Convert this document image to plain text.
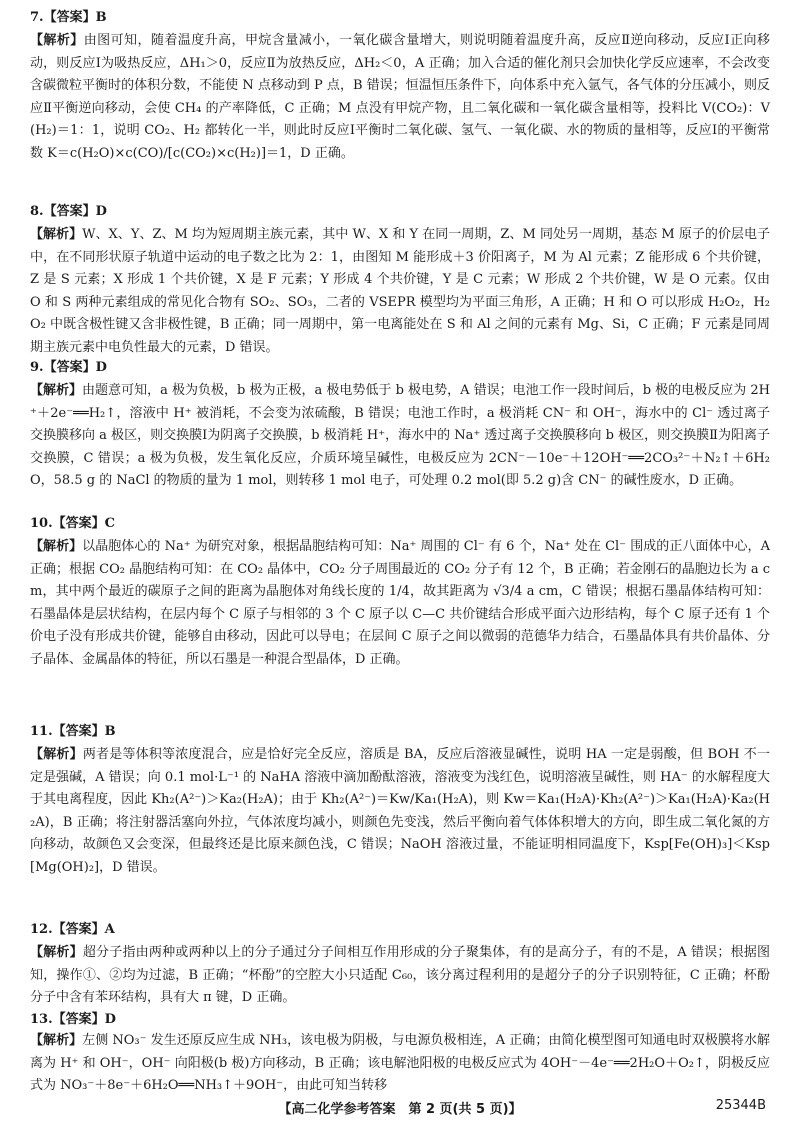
7.【答案】B
【解析】由图可知，随着温度升高，甲烷含量减小，一氧化碳含量增大，则说明随着温度升高，反应Ⅱ逆向移动，反应Ⅰ正向移动，则反应Ⅰ为吸热反应，ΔH₁＞0，反应Ⅱ为放热反应，ΔH₂＜0，A 正确；加入合适的催化剂只会加快化学反应速率，不会改变含碳微粒平衡时的体积分数，不能使 N 点移动到 P 点，B 错误；恒温恒压条件下，向体系中充入氩气，各气体的分压减小，则反应Ⅱ平衡逆向移动，会使 CH₄ 的产率降低，C 正确；M 点没有甲烷产物，且二氧化碳和一氧化碳含量相等，投料比 V(CO₂)：V(H₂)＝1：1，说明 CO₂、H₂ 都转化一半，则此时反应Ⅰ平衡时二氧化碳、氢气、一氧化碳、水的物质的量相等，反应Ⅰ的平衡常数 K＝c(H₂O)×c(CO)/[c(CO₂)×c(H₂)]＝1，D 正确。
8.【答案】D
【解析】W、X、Y、Z、M 均为短周期主族元素，其中 W、X 和 Y 在同一周期，Z、M 同处另一周期，基态 M 原子的价层电子中，在不同形状原子轨道中运动的电子数之比为 2：1，由图知 M 能形成＋3 价阳离子，M 为 Al 元素；Z 能形成 6 个共价键，Z 是 S 元素；X 形成 1 个共价键，X 是 F 元素；Y 形成 4 个共价键，Y 是 C 元素；W 形成 2 个共价键，W 是 O 元素。仅由 O 和 S 两种元素组成的常见化合物有 SO₂、SO₃，二者的 VSEPR 模型均为平面三角形，A 正确；H 和 O 可以形成 H₂O₂，H₂O₂ 中既含极性键又含非极性键，B 正确；同一周期中，第一电离能处在 S 和 Al 之间的元素有 Mg、Si，C 正确；F 元素是同周期主族元素中电负性最大的元素，D 错误。
9.【答案】D
【解析】由题意可知，a 极为负极，b 极为正极，a 极电势低于 b 极电势，A 错误；电池工作一段时间后，b 极的电极反应为 2H⁺＋2e⁻══H₂↑，溶液中 H⁺ 被消耗，不会变为浓硫酸，B 错误；电池工作时，a 极消耗 CN⁻ 和 OH⁻，海水中的 Cl⁻ 透过离子交换膜移向 a 极区，则交换膜Ⅰ为阴离子交换膜，b 极消耗 H⁺，海水中的 Na⁺ 透过离子交换膜移向 b 极区，则交换膜Ⅱ为阳离子交换膜，C 错误；a 极为负极，发生氧化反应，介质环境呈碱性，电极反应为 2CN⁻－10e⁻＋12OH⁻══2CO₃²⁻＋N₂↑＋6H₂O，58.5 g 的 NaCl 的物质的量为 1 mol，则转移 1 mol 电子，可处理 0.2 mol(即 5.2 g)含 CN⁻ 的碱性废水，D 正确。
10.【答案】C
【解析】以晶胞体心的 Na⁺ 为研究对象，根据晶胞结构可知：Na⁺ 周围的 Cl⁻ 有 6 个，Na⁺ 处在 Cl⁻ 围成的正八面体中心，A 正确；根据 CO₂ 晶胞结构可知：在 CO₂ 晶体中，CO₂ 分子周围最近的 CO₂ 分子有 12 个，B 正确；若金刚石的晶胞边长为 a cm，其中两个最近的碳原子之间的距离为晶胞体对角线长度的 1/4，故其距离为 √3/4 a cm，C 错误；根据石墨晶体结构可知：石墨晶体是层状结构，在层内每个 C 原子与相邻的 3 个 C 原子以 C—C 共价键结合形成平面六边形结构，每个 C 原子还有 1 个价电子没有形成共价键，能够自由移动，因此可以导电；在层间 C 原子之间以微弱的范德华力结合，石墨晶体具有共价晶体、分子晶体、金属晶体的特征，所以石墨是一种混合型晶体，D 正确。
11.【答案】B
【解析】两者是等体积等浓度混合，应是恰好完全反应，溶质是 BA，反应后溶液显碱性，说明 HA 一定是弱酸，但 BOH 不一定是强碱，A 错误；向 0.1 mol·L⁻¹ 的 NaHA 溶液中滴加酚酞溶液，溶液变为浅红色，说明溶液呈碱性，则 HA⁻ 的水解程度大于其电离程度，因此 Kh₂(A²⁻)＞Ka₂(H₂A)；由于 Kh₂(A²⁻)＝Kw/Ka₁(H₂A)，则 Kw＝Ka₁(H₂A)·Kh₂(A²⁻)＞Ka₁(H₂A)·Ka₂(H₂A)，B 正确；将注射器活塞向外拉，气体浓度均减小，则颜色先变浅，然后平衡向着气体体积增大的方向，即生成二氧化氮的方向移动，故颜色又会变深，但最终还是比原来颜色浅，C 错误；NaOH 溶液过量，不能证明相同温度下，Ksp[Fe(OH)₃]＜Ksp[Mg(OH)₂]，D 错误。
12.【答案】A
【解析】超分子指由两种或两种以上的分子通过分子间相互作用形成的分子聚集体，有的是高分子，有的不是，A 错误；根据图知，操作①、②均为过滤，B 正确；“杯酚”的空腔大小只适配 C₆₀，该分离过程利用的是超分子的分子识别特征，C 正确；杯酚分子中含有苯环结构，具有大 π 键，D 正确。
13.【答案】D
【解析】左侧 NO₃⁻ 发生还原反应生成 NH₃，该电极为阴极，与电源负极相连，A 正确；由简化模型图可知通电时双极膜将水解离为 H⁺ 和 OH⁻，OH⁻ 向阳极(b 极)方向移动，B 正确；该电解池阳极的电极反应式为 4OH⁻－4e⁻══2H₂O＋O₂↑，阴极反应式为 NO₃⁻＋8e⁻＋6H₂O══NH₃↑＋9OH⁻，由此可知当转移
【高二化学参考答案　第 2 页(共 5 页)】	25344B
